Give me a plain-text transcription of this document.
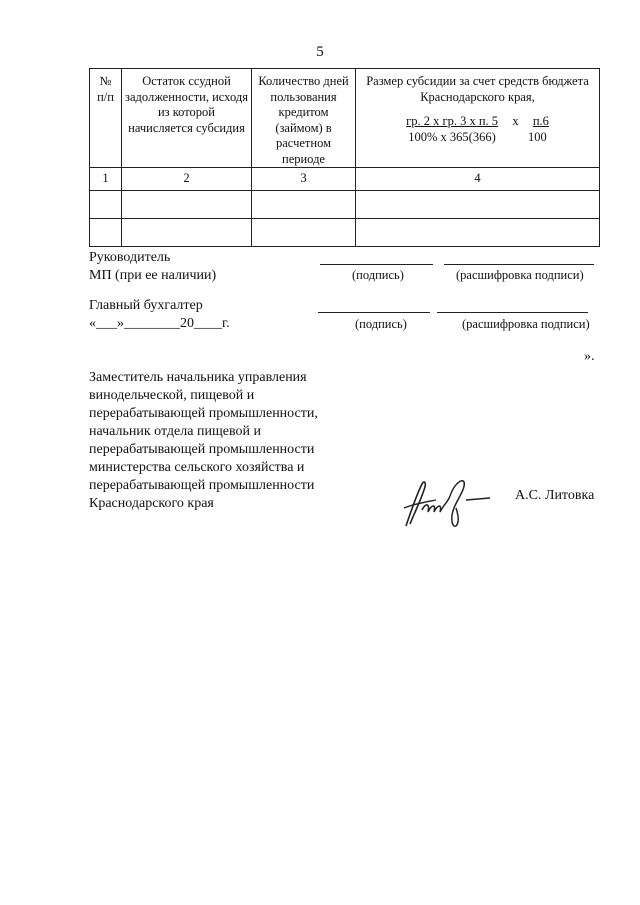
5
№ п/п	Остаток ссудной задолженности, исходя из которой начисляется субсидия	Количество дней пользования кредитом (займом) в расчетном периоде	Размер субсидии за счет средств бюджета Краснодарского края,
гр. 2 х гр. 3 х п. 5 х п.6
100% х 365(366) 100

1	2	3	4

Руководитель
МП (при ее наличии)	(подпись)	(расшифровка подписи)
Главный бухгалтер
«___»________20____г.	(подпись)	(расшифровка подписи)
».
Заместитель начальника управления
винодельческой, пищевой и
перерабатывающей промышленности,
начальник отдела пищевой и
перерабатывающей промышленности
министерства сельского хозяйства и
перерабатывающей промышленности
Краснодарского края
А.С. Литовка
